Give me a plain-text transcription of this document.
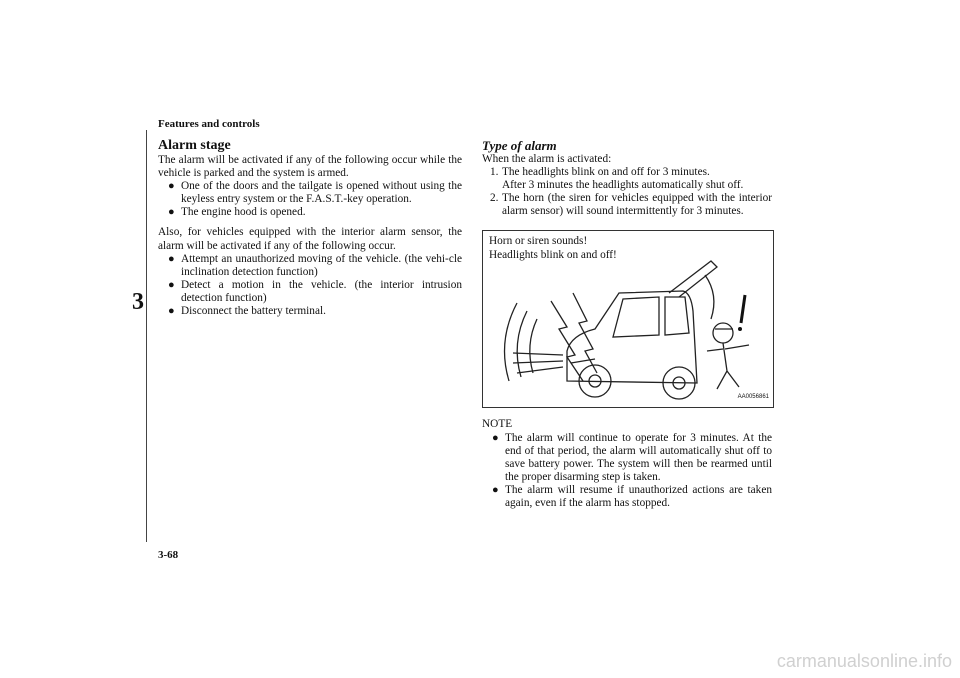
Features and controls
3
3-68
carmanualsonline.info
Alarm stage

The alarm will be activated if any of the following occur while the vehicle is parked and the system is armed.

● One of the doors and the tailgate is opened without using the keyless entry system or the F.A.S.T.-key operation.
● The engine hood is opened.

Also, for vehicles equipped with the interior alarm sensor, the alarm will be activated if any of the following occur.

● Attempt an unauthorized moving of the vehicle. (the vehi-cle inclination detection function)
● Detect a motion in the vehicle. (the interior intrusion detection function)
● Disconnect the battery terminal.
Type of alarm

When the alarm is activated:

1. The headlights blink on and off for 3 minutes.
After 3 minutes the headlights automatically shut off.
2. The horn (the siren for vehicles equipped with the interior alarm sensor) will sound intermittently for 3 minutes.
Horn or siren sounds!
Headlights blink on and off!
AA0056861
NOTE
● The alarm will continue to operate for 3 minutes. At the end of that period, the alarm will automatically shut off to save battery power. The system will then be rearmed until the proper disarming step is taken.
● The alarm will resume if unauthorized actions are taken again, even if the alarm has stopped.
